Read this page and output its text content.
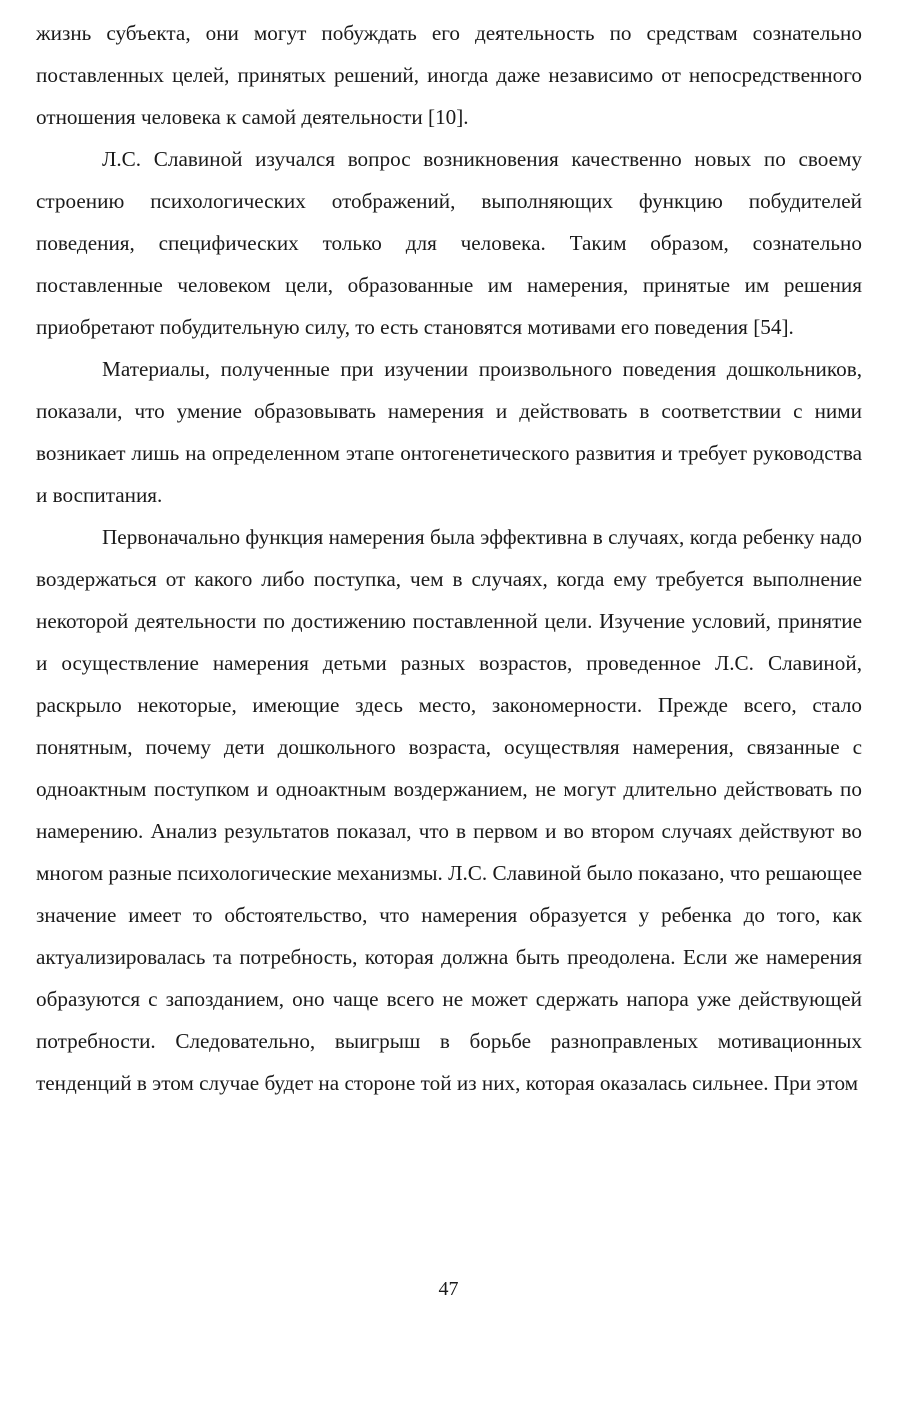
жизнь субъекта, они могут побуждать его деятельность по средствам сознательно поставленных целей, принятых решений, иногда даже независимо от непосредственного отношения человека к самой деятельности [10].

Л.С. Славиной изучался вопрос возникновения качественно новых по своему строению психологических отображений, выполняющих функцию побудителей поведения, специфических только для человека. Таким образом, сознательно поставленные человеком цели, образованные им намерения, принятые им решения приобретают побудительную силу, то есть становятся мотивами его поведения [54].

Материалы, полученные при изучении произвольного поведения дошкольников, показали, что умение образовывать намерения и действовать в соответствии с ними возникает лишь на определенном этапе онтогенетического развития и требует руководства и воспитания.

Первоначально функция намерения была эффективна в случаях, когда ребенку надо воздержаться от какого либо поступка, чем в случаях, когда ему требуется выполнение некоторой деятельности по достижению поставленной цели. Изучение условий, принятие и осуществление намерения детьми разных возрастов, проведенное Л.С. Славиной, раскрыло некоторые, имеющие здесь место, закономерности. Прежде всего, стало понятным, почему дети дошкольного возраста, осуществляя намерения, связанные с одноактным поступком и одноактным воздержанием, не могут длительно действовать по намерению. Анализ результатов показал, что в первом и во втором случаях действуют во многом разные психологические механизмы. Л.С. Славиной было показано, что решающее значение имеет то обстоятельство, что намерения образуется у ребенка до того, как актуализировалась та потребность, которая должна быть преодолена. Если же намерения образуются с запозданием, оно чаще всего не может сдержать напора уже действующей потребности. Следовательно, выигрыш в борьбе разноправленых мотивационных тенденций в этом случае будет на стороне той из них, которая оказалась сильнее. При этом

47
